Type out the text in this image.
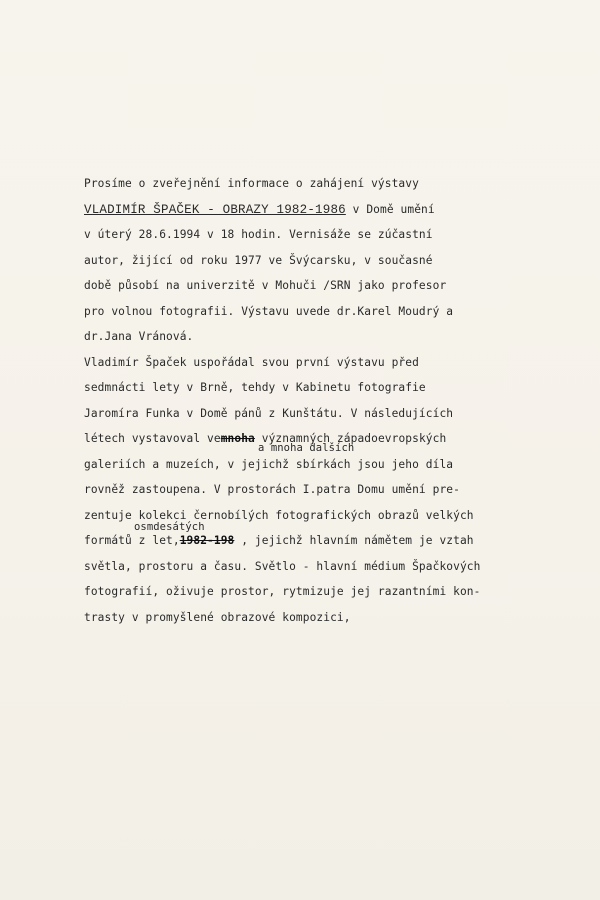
Prosíme o zveřejnění informace o zahájení výstavy
VLADIMÍR ŠPAČEK - OBRAZY 1982-1986 v Domě umění
v úterý 28.6.1994 v 18 hodin. Vernisáže se zúčastní
autor, žijící od roku 1977 ve Švýcarsku, v současné
době působí na univerzitě v Mohuči /SRN jako profesor
pro volnou fotografii. Výstavu uvede dr.Karel Moudrý a
dr.Jana Vránová.
Vladimír Špaček uspořádal svou první výstavu před
sedmnácti lety v Brně, tehdy v Kabinetu fotografie
Jaromíra Funka v Domě pánů z Kunštátu. V následujících
létech vystavoval vemnoha významných západoevropských
a mnoha dalších
galeriích a muzeích, v jejichž sbírkách jsou jeho díla
rovněž zastoupena. V prostorách I.patra Domu umění pre-
zentuje kolekci černobílých fotografických obrazů velkých
osmdesátých
formátů z let,1982-198 , jejichž hlavním námětem je vztah
světla, prostoru a času. Světlo - hlavní médium Špačkových
fotografií, oživuje prostor, rytmizuje jej razantními kon-
trasty v promyšlené obrazové kompozici,
